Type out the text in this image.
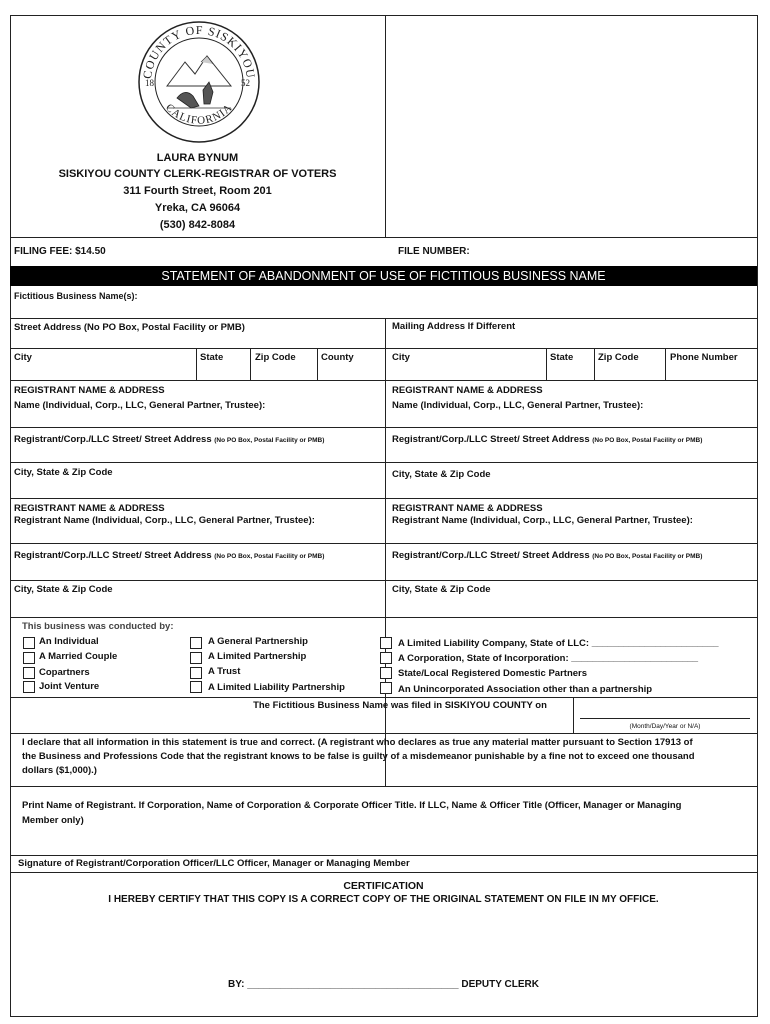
COUNTY OF SISKIYOU
CALIFORNIA
18	52
LAURA BYNUM
SISKIYOU COUNTY CLERK-REGISTRAR OF VOTERS
311 Fourth Street, Room 201
Yreka, CA 96064
(530) 842-8084
FILING FEE: $14.50	FILE NUMBER:
STATEMENT OF ABANDONMENT OF USE OF FICTITIOUS BUSINESS NAME
Fictitious Business Name(s):
Street Address (No PO Box, Postal Facility or PMB)	Mailing Address If Different
City	State	Zip Code	County	City	State	Zip Code	Phone Number
REGISTRANT NAME & ADDRESS
Name (Individual, Corp., LLC, General Partner, Trustee):
REGISTRANT NAME & ADDRESS
Name (Individual, Corp., LLC, General Partner, Trustee):
Registrant/Corp./LLC Street/ Street Address (No PO Box, Postal Facility or PMB)	Registrant/Corp./LLC Street/ Street Address (No PO Box, Postal Facility or PMB)
City, State & Zip Code	City, State & Zip Code
REGISTRANT NAME & ADDRESS
Registrant Name (Individual, Corp., LLC, General Partner, Trustee):
REGISTRANT NAME & ADDRESS
Registrant Name (Individual, Corp., LLC, General Partner, Trustee):
Registrant/Corp./LLC Street/ Street Address (No PO Box, Postal Facility or PMB)	Registrant/Corp./LLC Street/ Street Address (No PO Box, Postal Facility or PMB)
City, State & Zip Code	City, State & Zip Code
This business was conducted by:
An Individual
A Married Couple
Copartners
Joint Venture
A General Partnership
A Limited Partnership
A Trust
A Limited Liability Partnership
A Limited Liability Company, State of LLC: ________________________
A Corporation, State of Incorporation: ________________________
State/Local Registered Domestic Partners
An Unincorporated Association other than a partnership
The Fictitious Business Name was filed in SISKIYOU COUNTY on
(Month/Day/Year or N/A)
I declare that all information in this statement is true and correct. (A registrant who declares as true any material matter pursuant to Section 17913 of
the Business and Professions Code that the registrant knows to be false is guilty of a misdemeanor punishable by a fine not to exceed one thousand
dollars ($1,000).)
Print Name of Registrant. If Corporation, Name of Corporation & Corporate Officer Title. If LLC, Name & Officer Title (Officer, Manager or Managing
Member only)
Signature of Registrant/Corporation Officer/LLC Officer, Manager or Managing Member
CERTIFICATION
I HEREBY CERTIFY THAT THIS COPY IS A CORRECT COPY OF THE ORIGINAL STATEMENT ON FILE IN MY OFFICE.
BY: ______________________________________ DEPUTY CLERK
